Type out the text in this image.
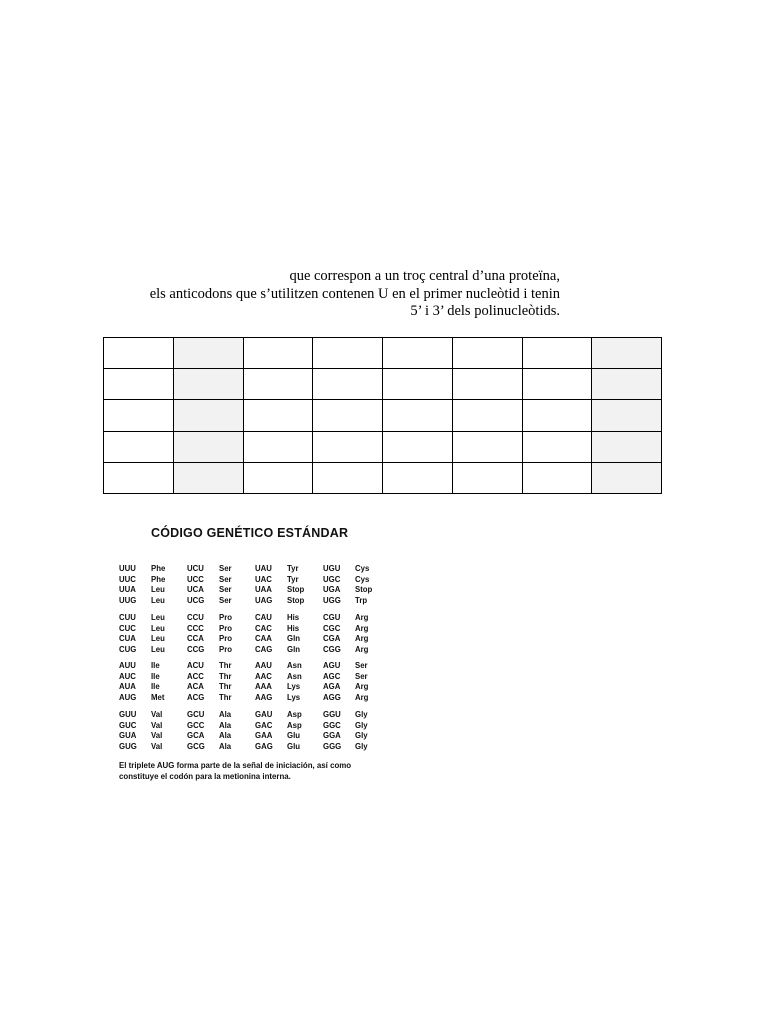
que correspon a un troç central d’una proteïna,
els anticodons que s’utilitzen contenen U en el primer nucleòtid i tenin
5’ i 3’ dels polinucleòtids.

CÓDIGO GENÉTICO ESTÁNDAR
UUU	Phe	UCU	Ser	UAU	Tyr	UGU	Cys
UUC	Phe	UCC	Ser	UAC	Tyr	UGC	Cys
UUA	Leu	UCA	Ser	UAA	Stop	UGA	Stop
UUG	Leu	UCG	Ser	UAG	Stop	UGG	Trp
CUU	Leu	CCU	Pro	CAU	His	CGU	Arg
CUC	Leu	CCC	Pro	CAC	His	CGC	Arg
CUA	Leu	CCA	Pro	CAA	Gln	CGA	Arg
CUG	Leu	CCG	Pro	CAG	Gln	CGG	Arg
AUU	Ile	ACU	Thr	AAU	Asn	AGU	Ser
AUC	Ile	ACC	Thr	AAC	Asn	AGC	Ser
AUA	Ile	ACA	Thr	AAA	Lys	AGA	Arg
AUG	Met	ACG	Thr	AAG	Lys	AGG	Arg
GUU	Val	GCU	Ala	GAU	Asp	GGU	Gly
GUC	Val	GCC	Ala	GAC	Asp	GGC	Gly
GUA	Val	GCA	Ala	GAA	Glu	GGA	Gly
GUG	Val	GCG	Ala	GAG	Glu	GGG	Gly
El triplete AUG forma parte de la señal de iniciación, así como
constituye el codón para la metionina interna.
